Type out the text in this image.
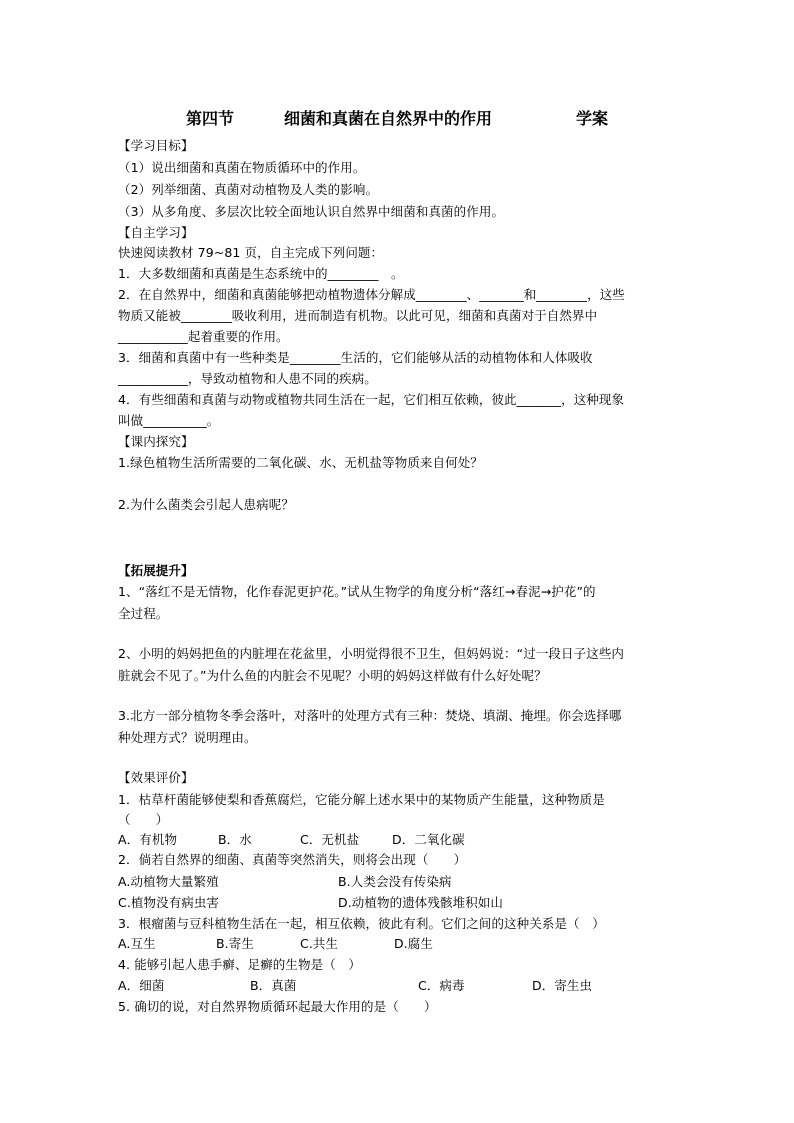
第四节	细菌和真菌在自然界中的作用	学案
【学习目标】
（1）说出细菌和真菌在物质循环中的作用。
（2）列举细菌、真菌对动植物及人类的影响。
（3）从多角度、多层次比较全面地认识自然界中细菌和真菌的作用。
【自主学习】
快速阅读教材 79~81 页，自主完成下列问题：
1．大多数细菌和真菌是生态系统中的________　。
2．在自然界中，细菌和真菌能够把动植物遗体分解成________、_______和________，这些
物质又能被________吸收利用，进而制造有机物。以此可见，细菌和真菌对于自然界中
___________起着重要的作用。
3．细菌和真菌中有一些种类是________生活的，它们能够从活的动植物体和人体吸收
___________，导致动植物和人患不同的疾病。
4．有些细菌和真菌与动物或植物共同生活在一起，它们相互依赖，彼此_______，这种现象
叫做__________。
【课内探究】
1.绿色植物生活所需要的二氧化碳、水、无机盐等物质来自何处？
2.为什么菌类会引起人患病呢？
【拓展提升】
1、“落红不是无情物，化作春泥更护花。”试从生物学的角度分析“落红→春泥→护花”的
全过程。
2、小明的妈妈把鱼的内脏埋在花盆里，小明觉得很不卫生，但妈妈说：“过一段日子这些内
脏就会不见了。”为什么鱼的内脏会不见呢？小明的妈妈这样做有什么好处呢？
3.北方一部分植物冬季会落叶，对落叶的处理方式有三种：焚烧、填湖、掩埋。你会选择哪
种处理方式？说明理由。
【效果评价】
1．枯草杆菌能够使梨和香蕉腐烂，它能分解上述水果中的某物质产生能量，这种物质是
（　　）
A．有机物	B．水	C．无机盐	D．二氧化碳
2．倘若自然界的细菌、真菌等突然消失，则将会出现（　　）
A.动植物大量繁殖	B.人类会没有传染病
C.植物没有病虫害	D.动植物的遗体残骸堆积如山
3．根瘤菌与豆科植物生活在一起，相互依赖，彼此有利。它们之间的这种关系是（　）
A.互生	B.寄生	C.共生	D.腐生
4. 能够引起人患手癣、足癣的生物是（　）
A．细菌	B．真菌	C．病毒	D．寄生虫
5. 确切的说，对自然界物质循环起最大作用的是（　　）
